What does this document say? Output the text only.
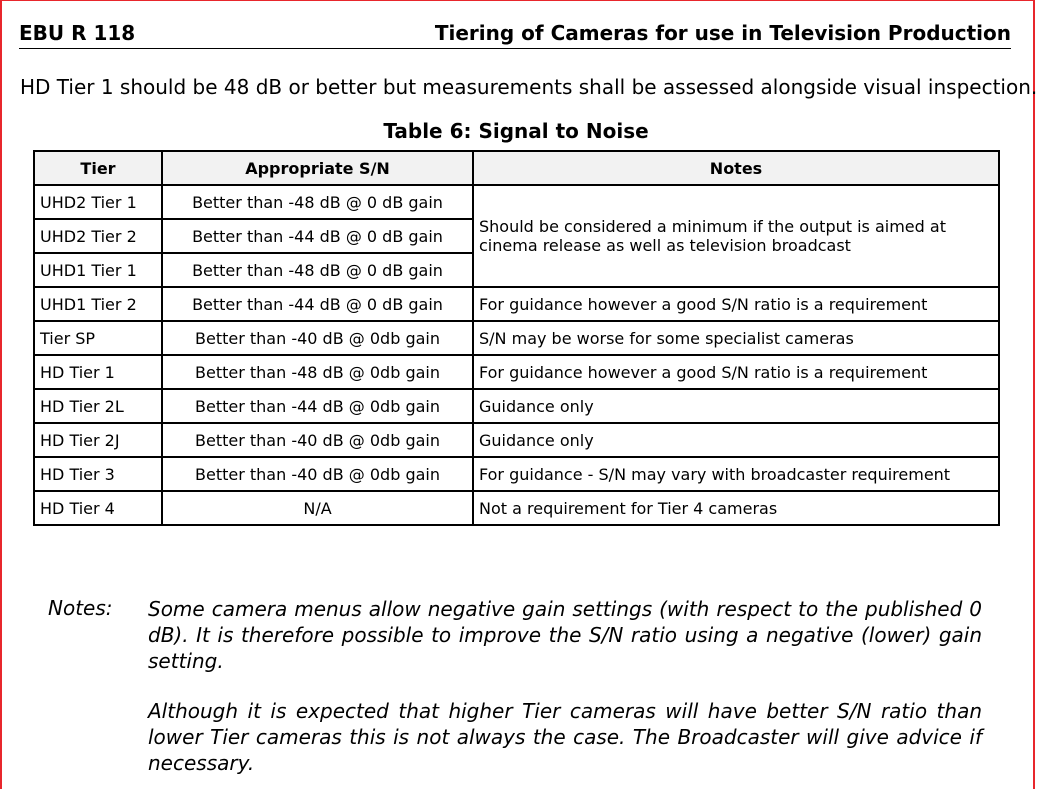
EBU R 118	Tiering of Cameras for use in Television Production
HD Tier 1 should be 48 dB or better but measurements shall be assessed alongside visual inspection.
Table 6: Signal to Noise
Tier	Appropriate S/N	Notes
UHD2 Tier 1	Better than -48 dB @ 0 dB gain	Should be considered a minimum if the output is aimed at cinema release as well as television broadcast
UHD2 Tier 2	Better than -44 dB @ 0 dB gain	
UHD1 Tier 1	Better than -48 dB @ 0 dB gain	
UHD1 Tier 2	Better than -44 dB @ 0 dB gain	For guidance however a good S/N ratio is a requirement
Tier SP	Better than -40 dB @ 0db gain	S/N may be worse for some specialist cameras
HD Tier 1	Better than -48 dB @ 0db gain	For guidance however a good S/N ratio is a requirement
HD Tier 2L	Better than -44 dB @ 0db gain	Guidance only
HD Tier 2J	Better than -40 dB @ 0db gain	Guidance only
HD Tier 3	Better than -40 dB @ 0db gain	For guidance - S/N may vary with broadcaster requirement
HD Tier 4	N/A	Not a requirement for Tier 4 cameras
Notes: Some camera menus allow negative gain settings (with respect to the published 0 dB). It is therefore possible to improve the S/N ratio using a negative (lower) gain setting.
Although it is expected that higher Tier cameras will have better S/N ratio than lower Tier cameras this is not always the case. The Broadcaster will give advice if necessary.
